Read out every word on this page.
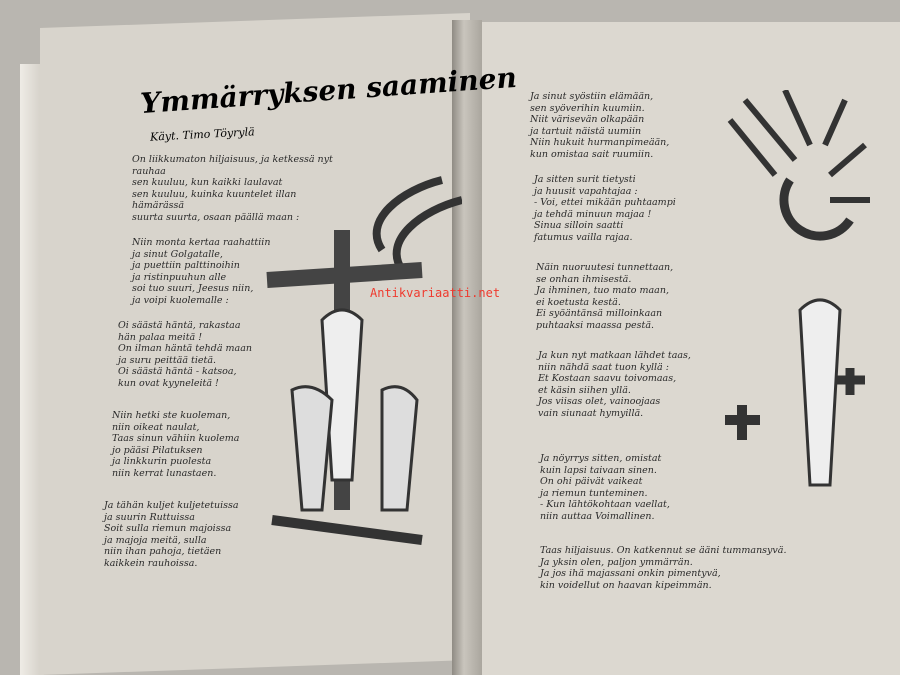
Ymmärryksen saaminen
Käyt. Timo Töyrylä
On liikkumaton hiljaisuus, ja ketkessä nyt rauhaa
sen kuuluu, kun kaikki laulavat
sen kuuluu, kuinka kuuntelet illan hämärässä
suurta suurta, osaan päällä maan :
Niin monta kertaa raahattiin
ja sinut Golgatalle,
ja puettiin palttinoihin
ja ristinpuuhun alle
soi tuo suuri, Jeesus niin,
ja voipi kuolemalle :
Oi säästä häntä, rakastaa
hän palaa meitä !
On ilman häntä tehdä maan
ja suru peittää tietä.
Oi säästä häntä - katsoa,
kun ovat kyyneleitä !
Niin hetki ste kuoleman,
niin oikeat naulat,
Taas sinun vähiin kuolema
jo pääsi Pilatuksen
ja linkkurin puolesta
niin kerrat lunastaen.
Ja tähän kuljet kuljetetuissa
ja suurin Ruttuissa
Soit sulla riemun majoissa
ja majoja meitä, sulla
niin ihan pahoja, tietäen
kaikkein rauhoissa.
Ja sinut syöstiin elämään,
sen syöverihin kuumiin.
Niit värisevän olkapään
ja tartuit näistä uumiin
Niin hukuit hurmanpimeään,
kun omistaa sait ruumiin.
Ja sitten surit tietysti
ja huusit vapahtajaa :
- Voi, ettei mikään puhtaampi
ja tehdä minuun majaa !
Sinua silloin saatti
fatumus vailla rajaa.
Näin nuoruutesi tunnettaan,
se onhan ihmisestä.
Ja ihminen, tuo mato maan,
ei koetusta kestä.
Ei syöäntänsä milloinkaan
puhtaaksi maassa pestä.
Ja kun nyt matkaan lähdet taas,
niin nähdä saat tuon kyllä :
Et Kostaan saavu toivomaas,
et käsin siihen yllä.
Jos viisas olet, vainoojaas
vain siunaat hymyillä.
Ja nöyrrys sitten, omistat
kuin lapsi taivaan sinen.
On ohi päivät vaikeat
ja riemun tunteminen.
- Kun lähtökohtaan vaellat,
niin auttaa Voimallinen.
Taas hiljaisuus. On katkennut se ääni tummansyvä.
Ja yksin olen, paljon ymmärrän.
Ja jos ihä majassani onkin pimentyvä,
kin voidellut on haavan kipeimmän.
Antikvariaatti.net
